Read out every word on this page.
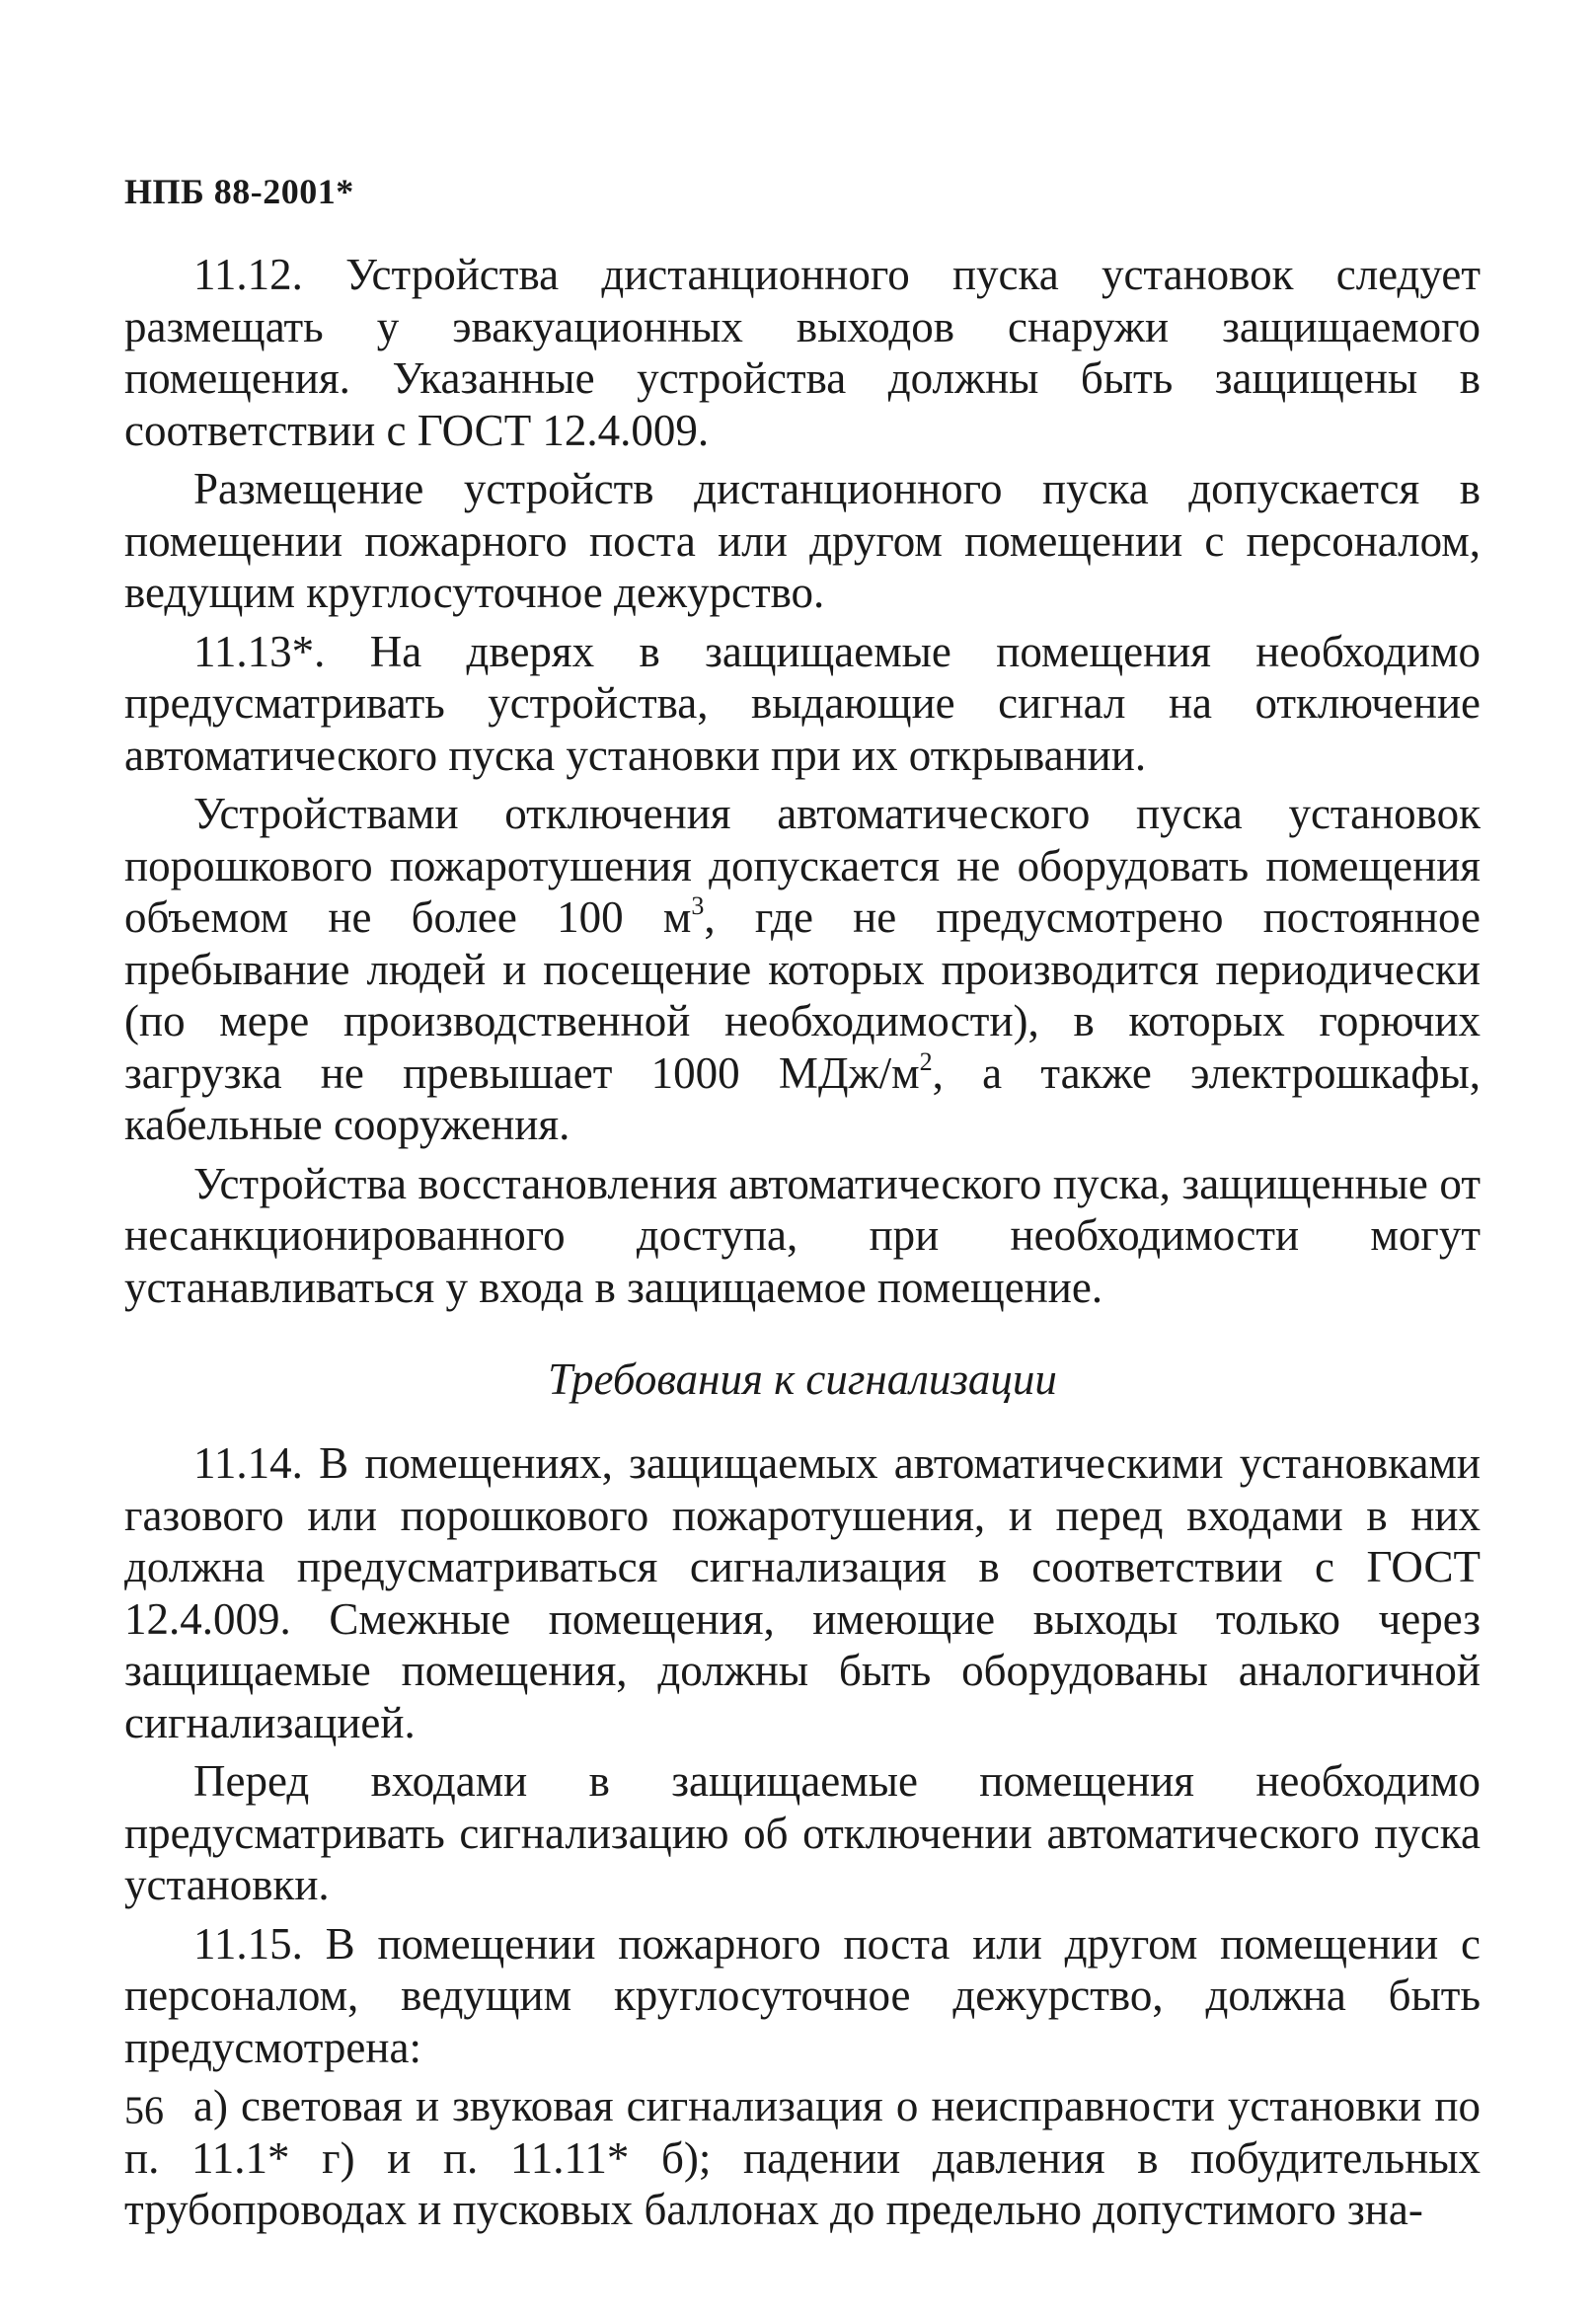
НПБ 88-2001*

11.12. Устройства дистанционного пуска установок следует размещать у эвакуационных выходов снаружи защищаемого помещения. Указанные устройства должны быть защищены в соответствии с ГОСТ 12.4.009.

Размещение устройств дистанционного пуска допускается в помещении пожарного поста или другом помещении с персоналом, ведущим круглосуточное дежурство.

11.13*. На дверях в защищаемые помещения необходимо предусматривать устройства, выдающие сигнал на отключение автоматического пуска установки при их открывании.

Устройствами отключения автоматического пуска установок порошкового пожаротушения допускается не оборудовать помещения объемом не более 100 $м^3$, где не предусмотрено постоянное пребывание людей и посещение которых производится периодически (по мере производственной необходимости), в которых горючих загрузка не превышает 1000 МДж/$м^2$, а также электрошкафы, кабельные сооружения.

Устройства восстановления автоматического пуска, защищенные от несанкционированного доступа, при необходимости могут устанавливаться у входа в защищаемое помещение.

Требования к сигнализации

11.14. В помещениях, защищаемых автоматическими установками газового или порошкового пожаротушения, и перед входами в них должна предусматриваться сигнализация в соответствии с ГОСТ 12.4.009. Смежные помещения, имеющие выходы только через защищаемые помещения, должны быть оборудованы аналогичной сигнализацией.

Перед входами в защищаемые помещения необходимо предусматривать сигнализацию об отключении автоматического пуска установки.

11.15. В помещении пожарного поста или другом помещении с персоналом, ведущим круглосуточное дежурство, должна быть предусмотрена:

а) световая и звуковая сигнализация о неисправности установки по п. 11.1* г) и п. 11.11* б); падении давления в побудительных трубопроводах и пусковых баллонах до предельно допустимого зна-

56
